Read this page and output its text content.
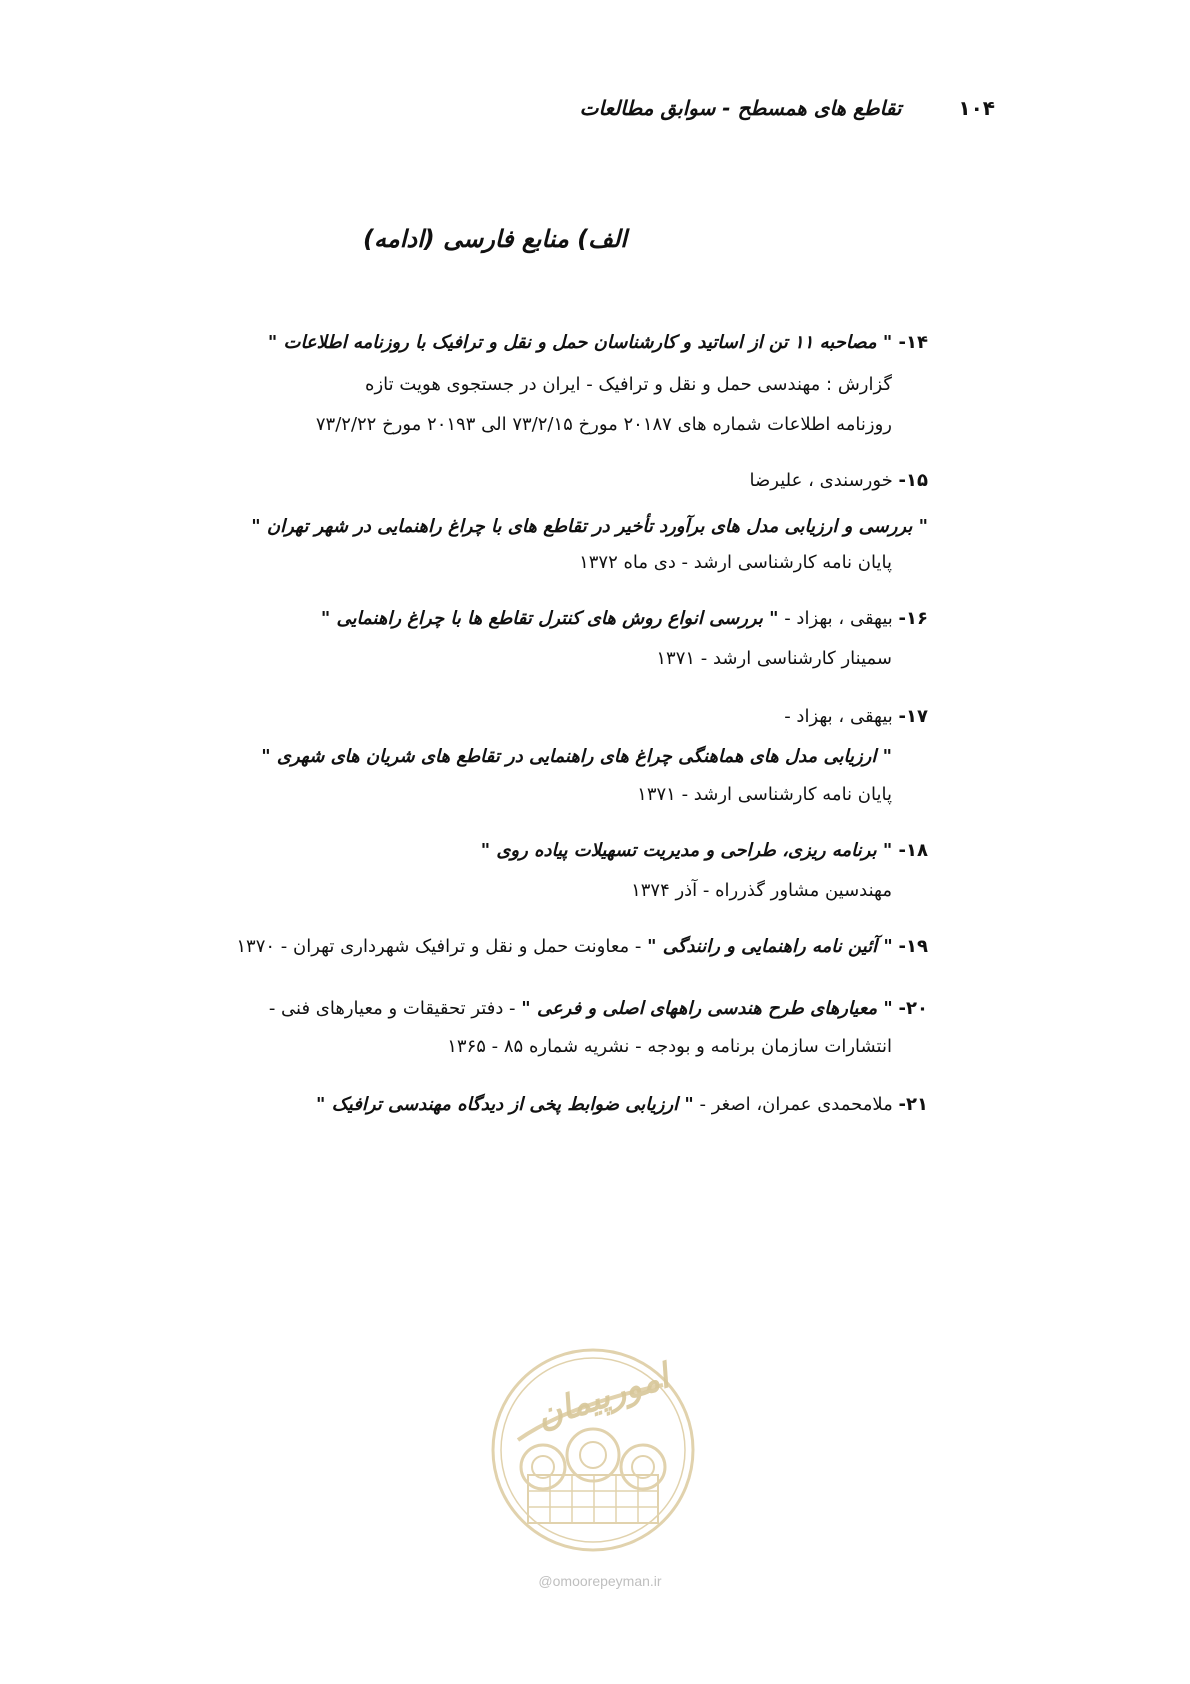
۱۰۴ تقاطع های همسطح - سوابق مطالعات
الف) منابع فارسی (ادامه)
۱۴- " مصاحبه ۱۱ تن از اساتید و کارشناسان حمل و نقل و ترافیک با روزنامه اطلاعات "
گزارش : مهندسی حمل و نقل و ترافیک - ایران در جستجوی هویت تازه
روزنامه اطلاعات شماره های ۲۰۱۸۷ مورخ ۷۳/۲/۱۵ الی ۲۰۱۹۳ مورخ ۷۳/۲/۲۲
۱۵- خورسندی ، علیرضا
" بررسی و ارزیابی مدل های برآورد تأخیر در تقاطع های با چراغ راهنمایی در شهر تهران "
پایان نامه کارشناسی ارشد - دی ماه ۱۳۷۲
۱۶- بیهقی ، بهزاد - " بررسی انواع روش های کنترل تقاطع ها با چراغ راهنمایی "
سمینار کارشناسی ارشد - ۱۳۷۱
۱۷- بیهقی ، بهزاد -
" ارزیابی مدل های هماهنگی چراغ های راهنمایی در تقاطع های شریان های شهری "
پایان نامه کارشناسی ارشد - ۱۳۷۱
۱۸- " برنامه ریزی، طراحی و مدیریت تسهیلات پیاده روی "
مهندسین مشاور گذرراه - آذر ۱۳۷۴
۱۹- " آئین نامه راهنمایی و رانندگی " - معاونت حمل و نقل و ترافیک شهرداری تهران - ۱۳۷۰
۲۰- " معیارهای طرح هندسی راههای اصلی و فرعی " - دفتر تحقیقات و معیارهای فنی -
انتشارات سازمان برنامه و بودجه - نشریه شماره ۸۵ - ۱۳۶۵
۲۱- ملامحمدی عمران، اصغر - " ارزیابی ضوابط پخی از دیدگاه مهندسی ترافیک "
امورپیمان
@omoorepeyman.ir
